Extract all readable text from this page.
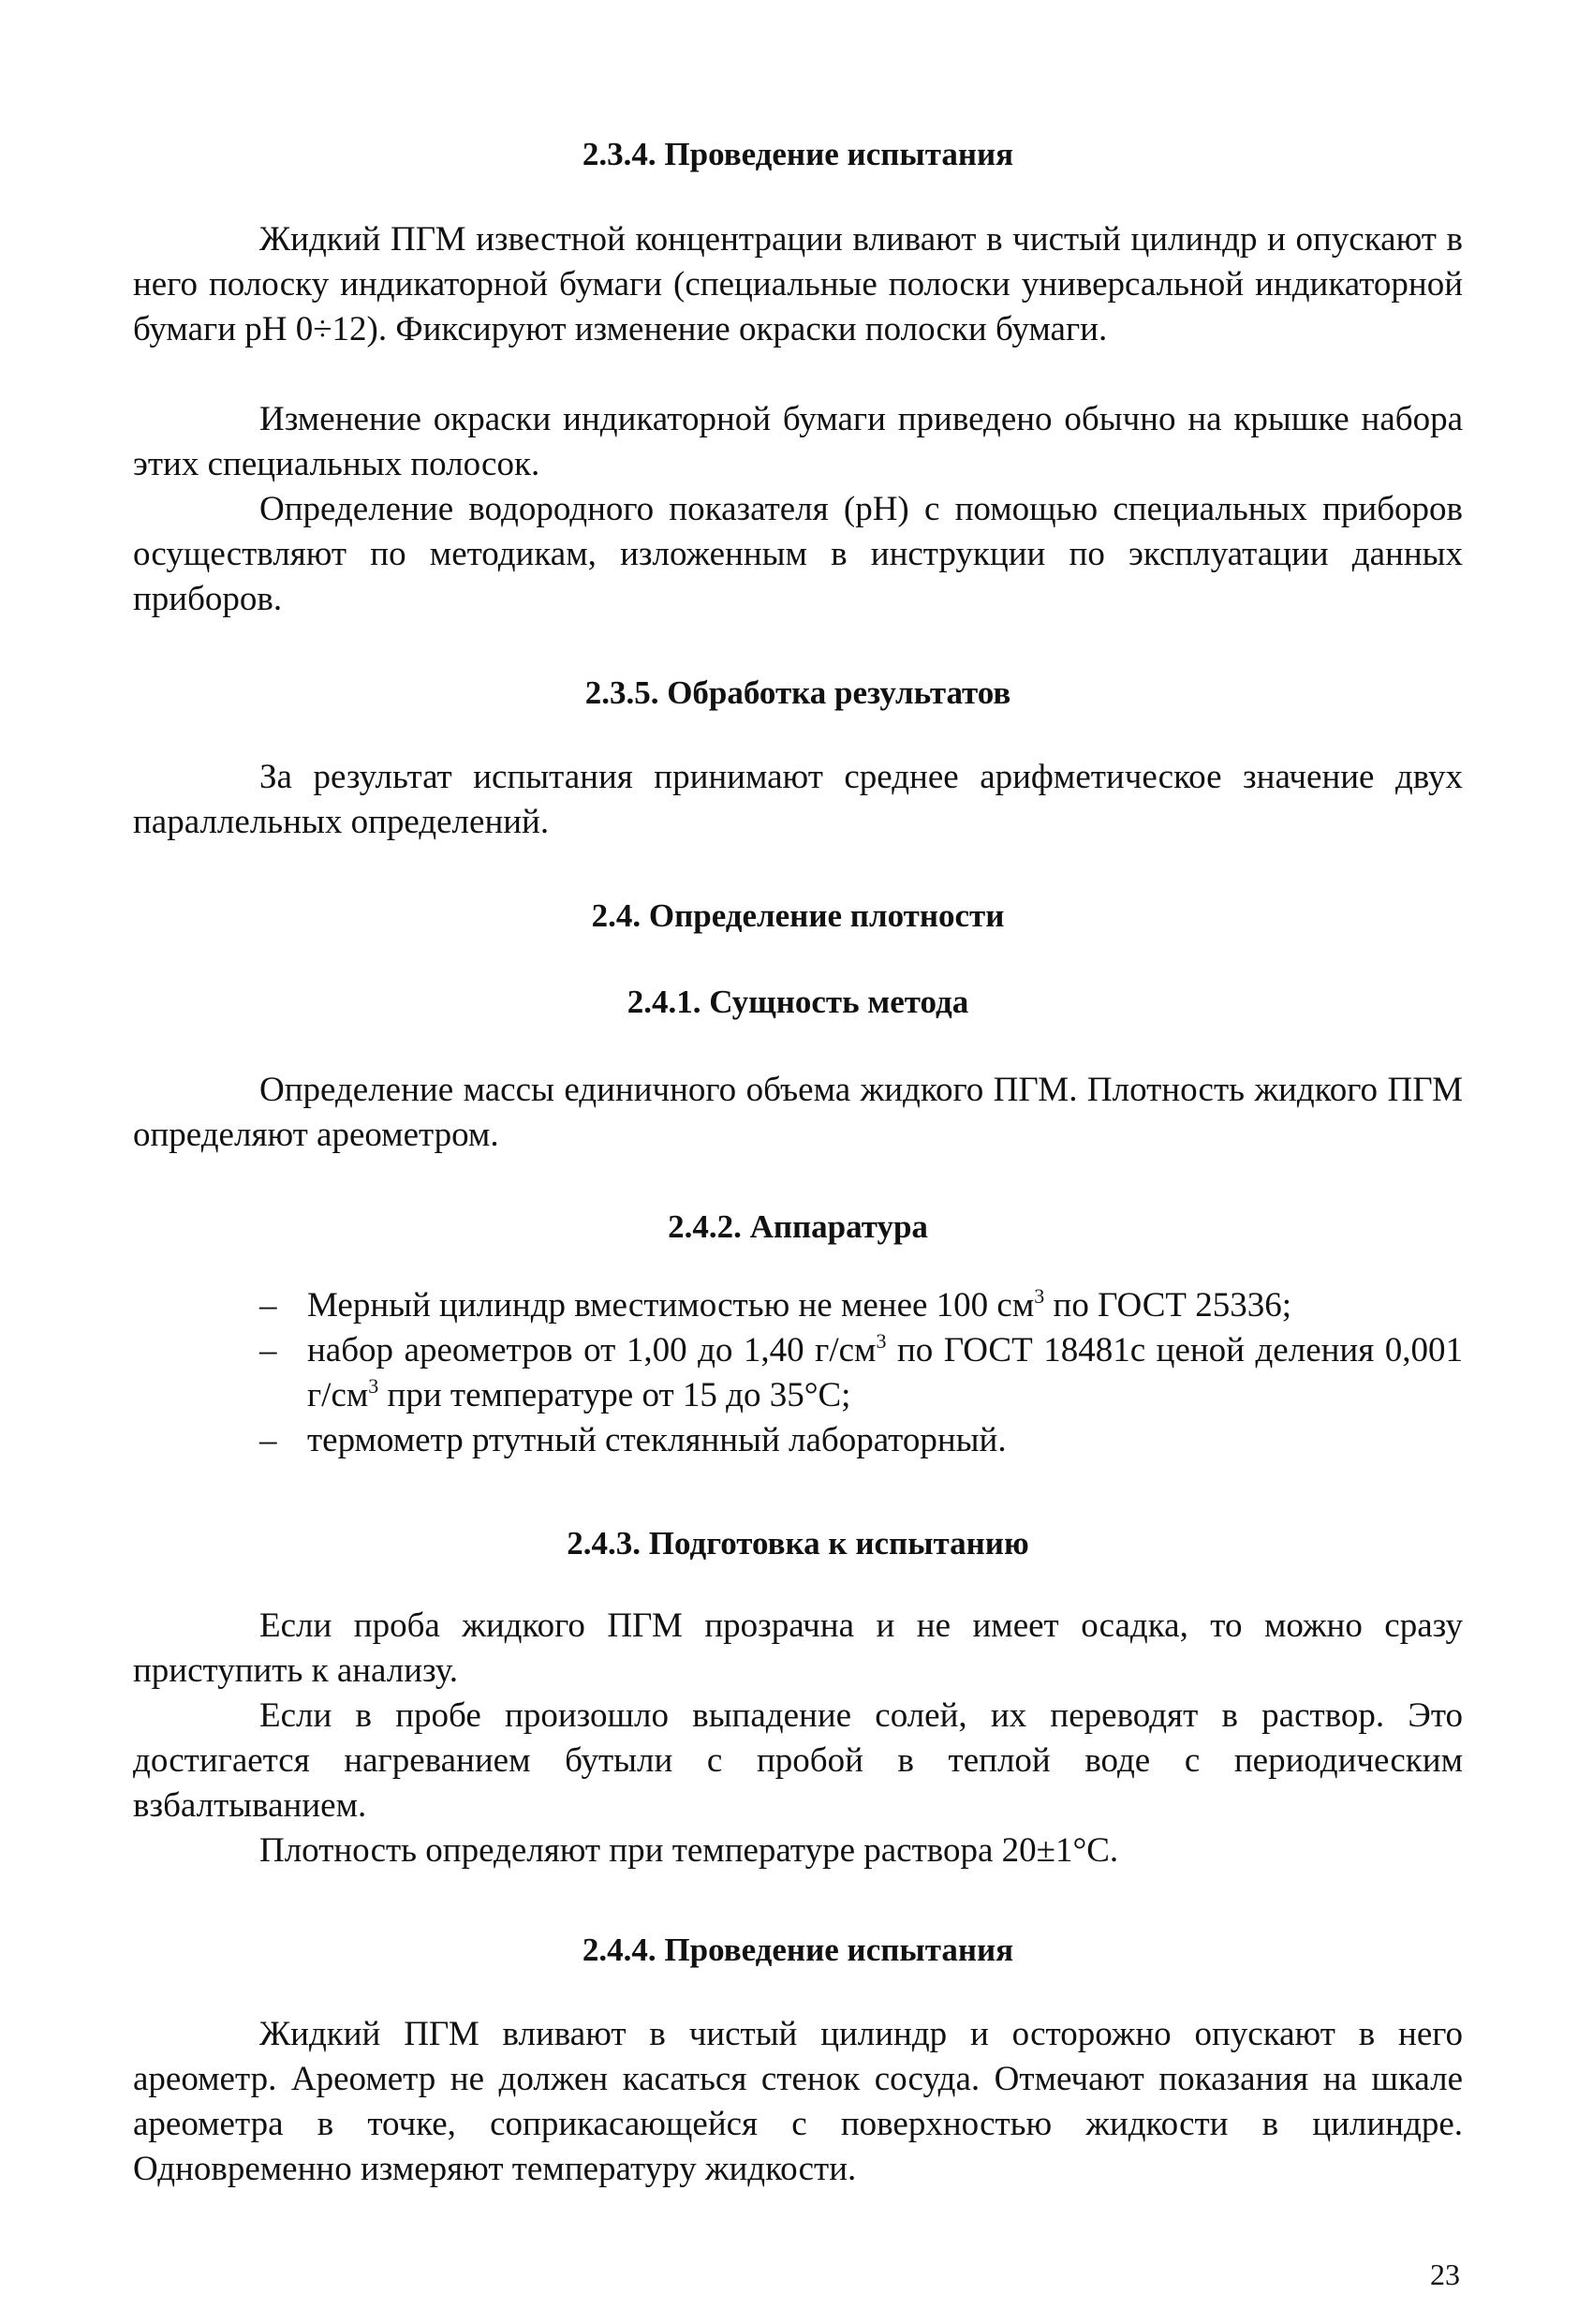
2.3.4. Проведение испытания

Жидкий ПГМ известной концентрации вливают в чистый цилиндр и опускают в него полоску индикаторной бумаги (специальные полоски универсальной индикаторной бумаги pH 0÷12). Фиксируют изменение окраски полоски бумаги.

Изменение окраски индикаторной бумаги приведено обычно на крышке набора этих специальных полосок.

Определение водородного показателя (pH) с помощью специальных приборов осуществляют по методикам, изложенным в инструкции по эксплуатации данных приборов.

2.3.5. Обработка результатов

За результат испытания принимают среднее арифметическое значение двух параллельных определений.

2.4. Определение плотности
2.4.1. Сущность метода

Определение массы единичного объема жидкого ПГМ. Плотность жидкого ПГМ определяют ареометром.

2.4.2. Аппаратура
– Мерный цилиндр вместимостью не менее 100 $см^3$ по ГОСТ 25336;
– набор ареометров от 1,00 до 1,40 $г/см^3$ по ГОСТ 18481с ценой деления 0,001 $г/см^3$ при температуре от 15 до 35°С;
– термометр ртутный стеклянный лабораторный.
2.4.3. Подготовка к испытанию

Если проба жидкого ПГМ прозрачна и не имеет осадка, то можно сразу приступить к анализу.

Если в пробе произошло выпадение солей, их переводят в раствор. Это достигается нагреванием бутыли с пробой в теплой воде с периодическим взбалтыванием.

Плотность определяют при температуре раствора 20±1°С.

2.4.4. Проведение испытания

Жидкий ПГМ вливают в чистый цилиндр и осторожно опускают в него ареометр. Ареометр не должен касаться стенок сосуда. Отмечают показания на шкале ареометра в точке, соприкасающейся с поверхностью жидкости в цилиндре. Одновременно измеряют температуру жидкости.

23
